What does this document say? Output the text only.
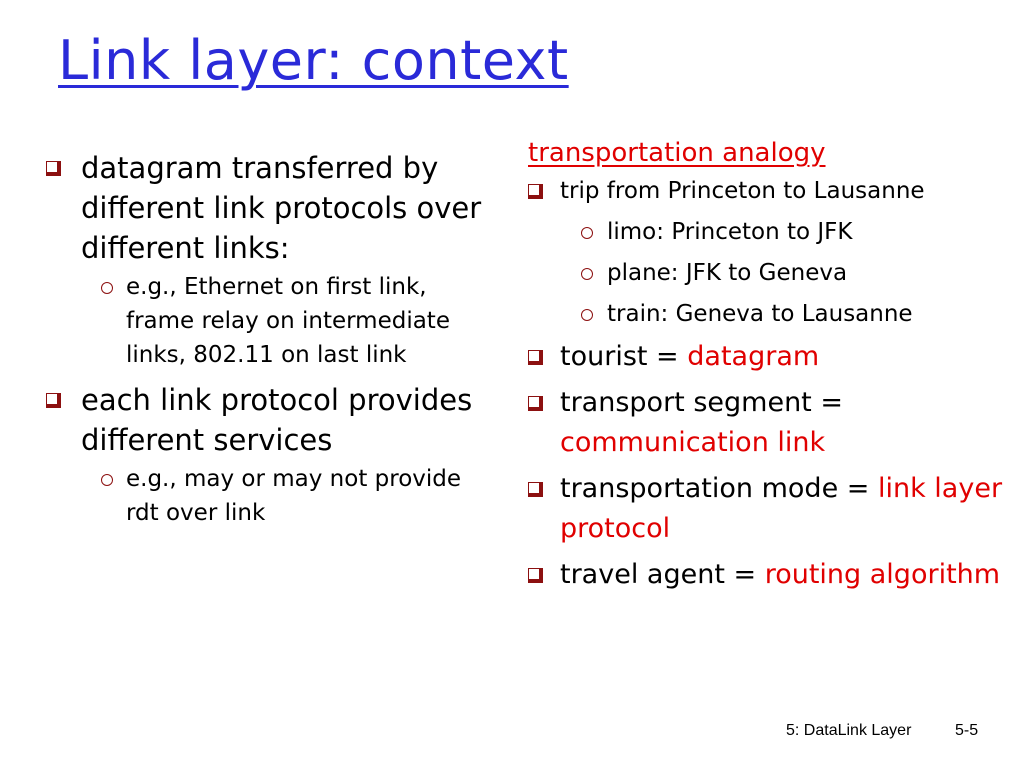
Link layer: context
datagram transferred by different link protocols over different links:
e.g., Ethernet on first link, frame relay on intermediate links, 802.11 on last link
each link protocol provides different services
e.g., may or may not provide rdt over link
transportation analogy
trip from Princeton to Lausanne
limo: Princeton to JFK
plane: JFK to Geneva
train: Geneva to Lausanne
tourist = datagram
transport segment = communication link
transportation mode = link layer protocol
travel agent = routing algorithm
5: DataLink Layer	5-5
